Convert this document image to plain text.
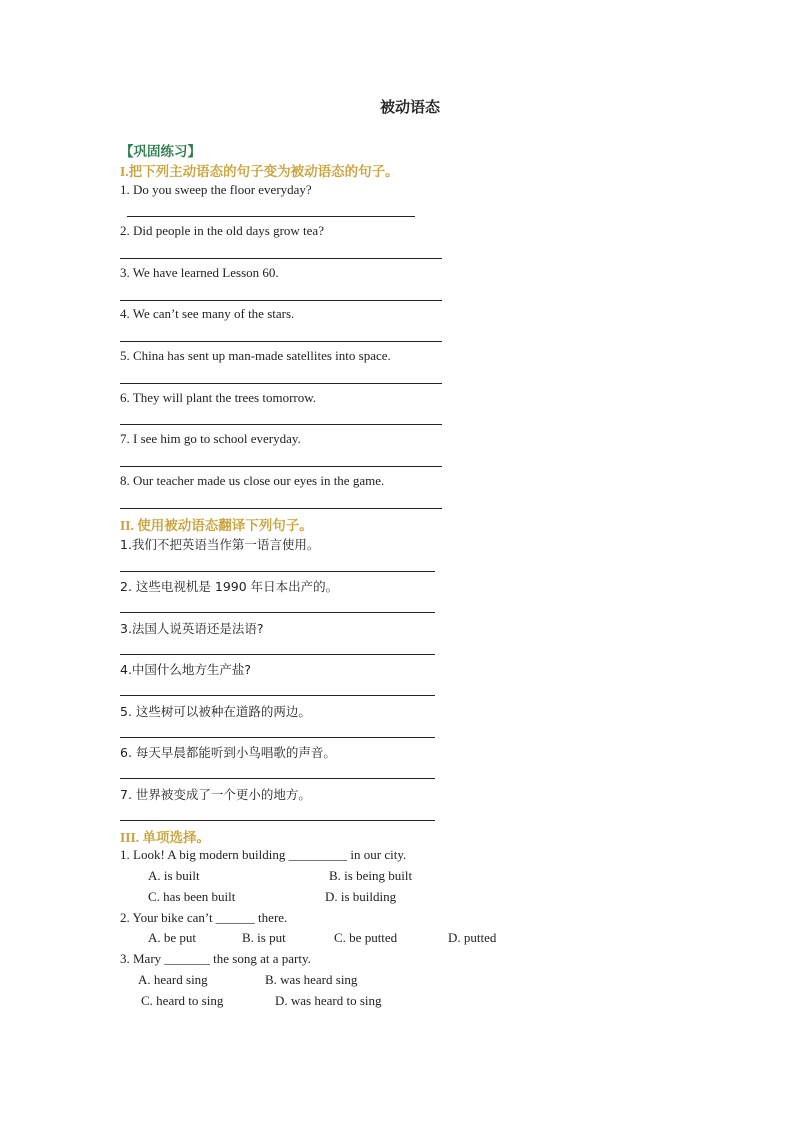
被动语态
【巩固练习】
I.把下列主动语态的句子变为被动语态的句子。
1. Do you sweep the floor everyday?
2. Did people in the old days grow tea?
3. We have learned Lesson 60.
4. We can’t see many of the stars.
5. China has sent up man-made satellites into space.
6. They will plant the trees tomorrow.
7. I see him go to school everyday.
8. Our teacher made us close our eyes in the game.
II. 使用被动语态翻译下列句子。
1.我们不把英语当作第一语言使用。
2. 这些电视机是 1990 年日本出产的。
3.法国人说英语还是法语?
4.中国什么地方生产盐?
5. 这些树可以被种在道路的两边。
6. 每天早晨都能听到小鸟唱歌的声音。
7. 世界被变成了一个更小的地方。
III. 单项选择。
1. Look! A big modern building _________ in our city.
A. is built	B. is being built
C. has been built	D. is building
2. Your bike can’t ______ there.
A. be put	B. is put	C. be putted	D. putted
3. Mary _______ the song at a party.
A. heard sing	B. was heard sing
C. heard to sing	D. was heard to sing
